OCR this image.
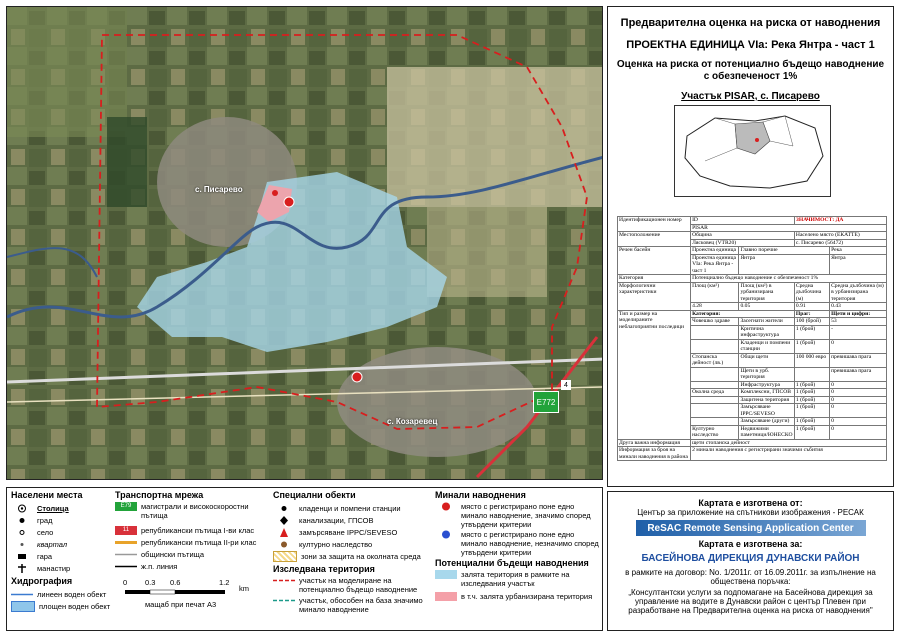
с. Писарево
с. Козаревец
E772
4
Предварителна оценка на риска от наводнения
ПРОЕКТНА ЕДИНИЦА VIa: Река Янтра - част 1
Оценка на риска от потенциално бъдещо наводнение
с обезпеченост 1%
Участък PISAR, с. Писарево
Идентификационен номер	ID		ЗНАЧИМОСТ: ДА	
	PISAR			
Местоположение	Община		Населено място (ЕКАТТЕ)	
	Лясковец (VTR20)		с. Писарево (56472)	
Речен басейн	Проектна единица	Главно поречие		Река
	Проектна единица VIa: Река Янтра - част 1	Янтра		Янтра
Категория	Потенциално бъдещо наводнение с обезпеченост 1%			
Морфологични характеристики	Площ (км²)	Площ (км²) в урбанизирана територия	Средна дълбочина (м)	Средна дълбочина (м) в урбанизирана територия
	4.28	0.05	0.91	0.43
Тип и размер на моделираните неблагоприятни последици	Категория:		Праг:	Щети и цифри:
	Човешко здраве	Засегнати жители	100 (брой)	53
		Критична инфраструктура	1 (брой)	-
		Кладенци и помпени станции	1 (брой)	0
	Стопанска дейност (лв.)	Общи щети	100 000 евро	превишава прага
		Щети в урб. територия		превишава прага
		Инфраструктура	1 (брой)	0
	Околна среда	Комплексни, ГПСОВ	1 (брой)	0
		Защитена територия	1 (брой)	0
		Замърсяване IPPC/SEVESO	1 (брой)	0
		Замърсяване (други)	1 (брой)	0
	Културно наследство	Недвижими паметници/ЮНЕСКО	1 (брой)	0
Друга важна информация	щети стопанска дейност			
Информация за броя на минали наводнения в района	2 минали наводнения с регистрирани значими събития			
Населени места
Столица
град
село
квартал
гара
манастир
Хидрография
линеен воден обект
площен воден обект
Транспортна мрежа
E79	магистрали и високоскоростни пътища
11	републикански пътища I-ви клас
републикански пътища II-ри клас
общински пътища
ж.п. линия
0 0.3 0.6	1.2
km
мащаб при печат A3
Специални обекти
кладенци и помпени станции
канализации, ГПСОВ
замърсяване IPPC/SEVESO
културно наследство
зони за защита на околната среда
Изследвана територия
участък на моделиране на потенциално бъдещо наводнение
участък, обособен на база значимо минало наводнение
Минали наводнения
място с регистрирано поне едно минало наводнение, значимо според утвърдени критерии
място с регистрирано поне едно минало наводнение, незначимо според утвърдени критерии
Потенциални бъдещи наводнения
залята територия в рамките на изследвания участък
в т.ч. залята урбанизирана територия
Картата е изготвена от:
Център за приложение на спътникови изображения - РЕСАК
ReSAC Remote Sensing Application Center
Картата е изготвена за:
БАСЕЙНОВА ДИРЕКЦИЯ ДУНАВСКИ РАЙОН
в рамките на договор: No. 1/2011г. от 16.09.2011г. за изпълнение на обществена поръчка:
„Консултантски услуги за подпомагане на Басейнова дирекция за управление на водите в Дунавски район с център Плевен при разработване на Предварителна оценка на риска от наводнения"
